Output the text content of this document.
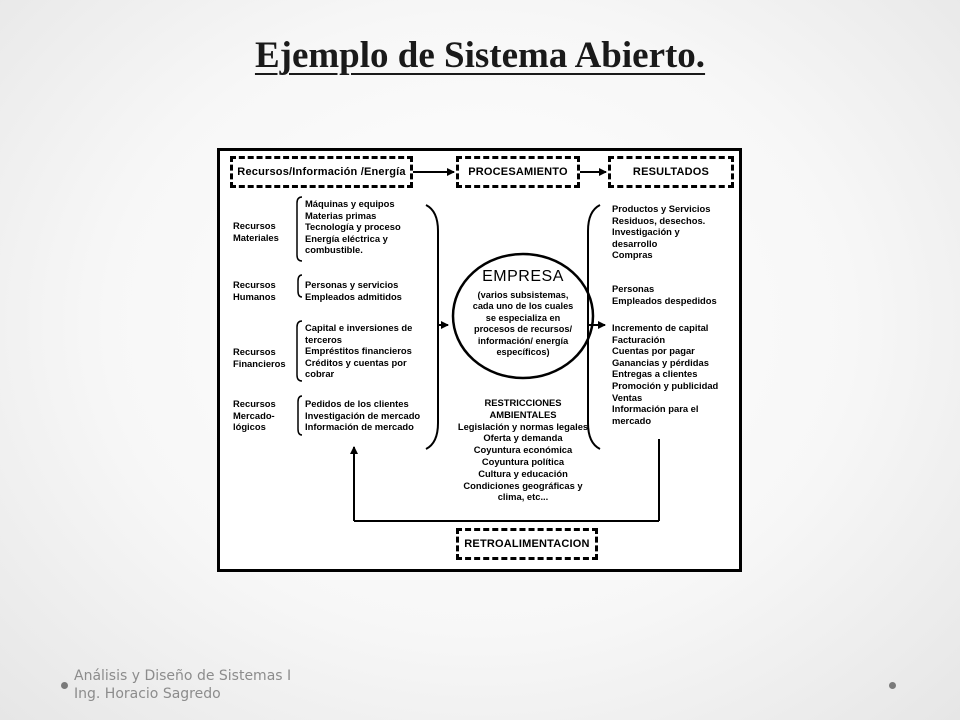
Ejemplo de Sistema Abierto.
Recursos/Información /Energía	PROCESAMIENTO	RESULTADOS
RETROALIMENTACION
Recursos
Materiales
Recursos
Humanos
Recursos
Financieros
Recursos
Mercado-
lógicos
Máquinas y equipos
Materias primas
Tecnología y proceso
Energía eléctrica y
combustible.
Personas y servicios
Empleados admitidos
Capital e inversiones de
terceros
Empréstitos financieros
Créditos y cuentas por
cobrar
Pedidos de los clientes
Investigación de mercado
Información de mercado
EMPRESA
(varios subsistemas,
cada uno de los cuales
se especializa en
procesos de recursos/
información/ energía
específicos)
RESTRICCIONES
AMBIENTALES
Legislación y normas legales
Oferta y demanda
Coyuntura económica
Coyuntura política
Cultura y educación
Condiciones geográficas y
clima, etc...
Productos y Servicios
Residuos, desechos.
Investigación y
desarrollo
Compras
Personas
Empleados despedidos
Incremento de capital
Facturación
Cuentas por pagar
Ganancias y pérdidas
Entregas a clientes
Promoción y publicidad
Ventas
Información para el
mercado
Análisis y Diseño de Sistemas I
Ing. Horacio Sagredo
